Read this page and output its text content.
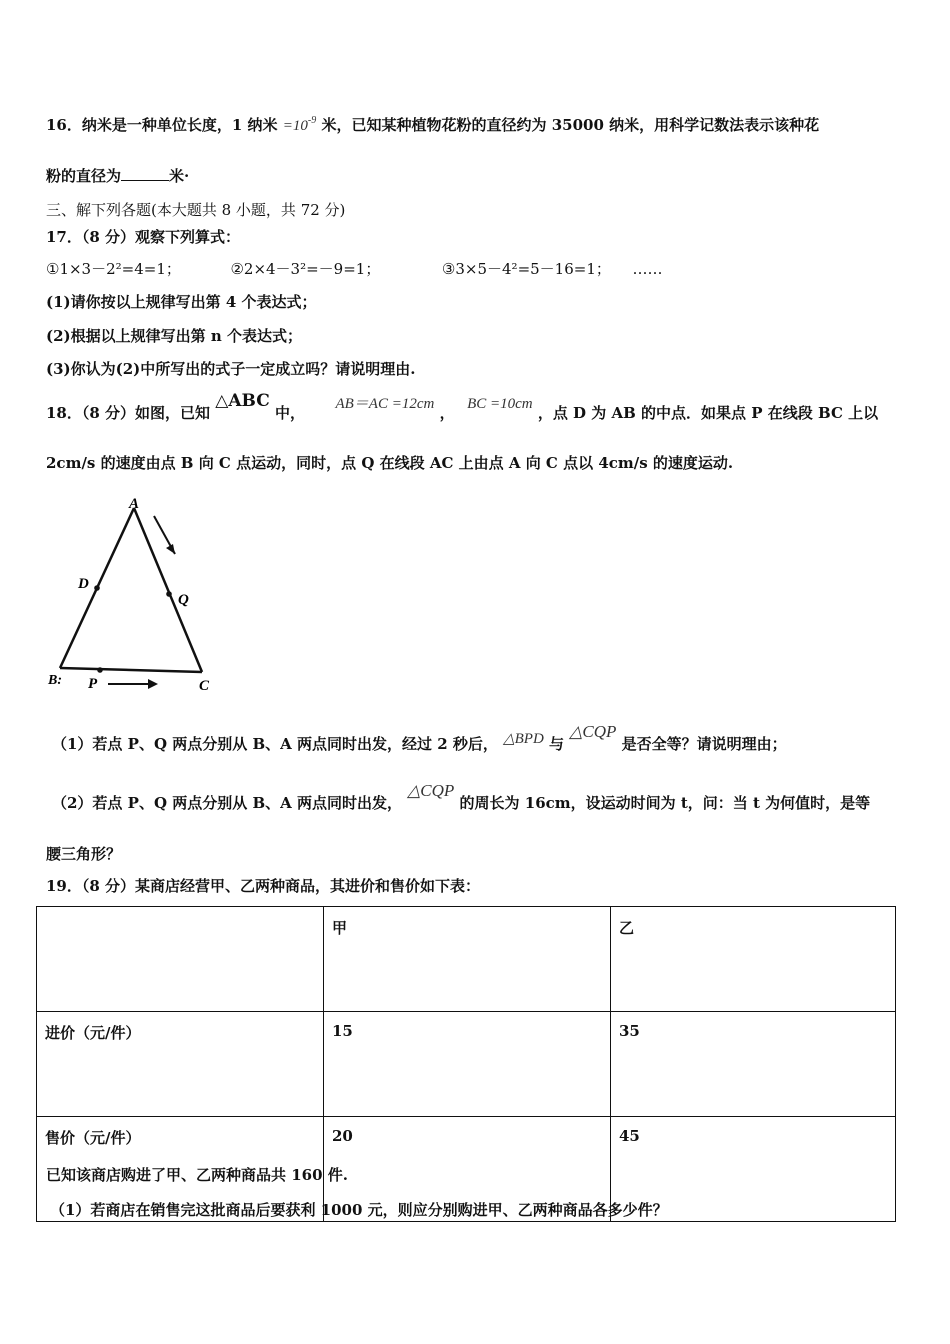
16．纳米是一种单位长度，1 纳米 $=10^{-9}$ 米，已知某种植物花粉的直径约为 35000 纳米，用科学记数法表示该种花
粉的直径为	米·
三、解下列各题(本大题共 8 小题，共 72 分)
17．（8 分）观察下列算式：
①1×3－2²=4=1；	②2×4－3²=－9=1；	③3×5－4²=5－16=1； ……
(1)请你按以上规律写出第 4 个表达式；
(2)根据以上规律写出第 n 个表达式；
(3)你认为(2)中所写出的式子一定成立吗？请说明理由.
18．（8 分）如图，已知 △ABC 中， AB＝AC =12cm ， BC =10cm ，点 D 为 AB 的中点．如果点 P 在线段 BC 上以
2cm/s 的速度由点 B 向 C 点运动，同时，点 Q 在线段 AC 上由点 A 向 C 点以 4cm/s 的速度运动.
A
D
Q
B: P	C
（1）若点 P、Q 两点分别从 B、A 两点同时出发，经过 2 秒后， △BPD 与 △CQP 是否全等？请说明理由；
（2）若点 P、Q 两点分别从 B、A 两点同时出发， △CQP 的周长为 16cm，设运动时间为 t，问：当 t 为何值时，是等
腰三角形？
19．（8 分）某商店经营甲、乙两种商品，其进价和售价如下表：
	甲	乙
进价（元/件）	15	35
售价（元/件）	20	45
已知该商店购进了甲、乙两种商品共 160 件.
（1）若商店在销售完这批商品后要获利 1000 元，则应分别购进甲、乙两种商品各多少件？
